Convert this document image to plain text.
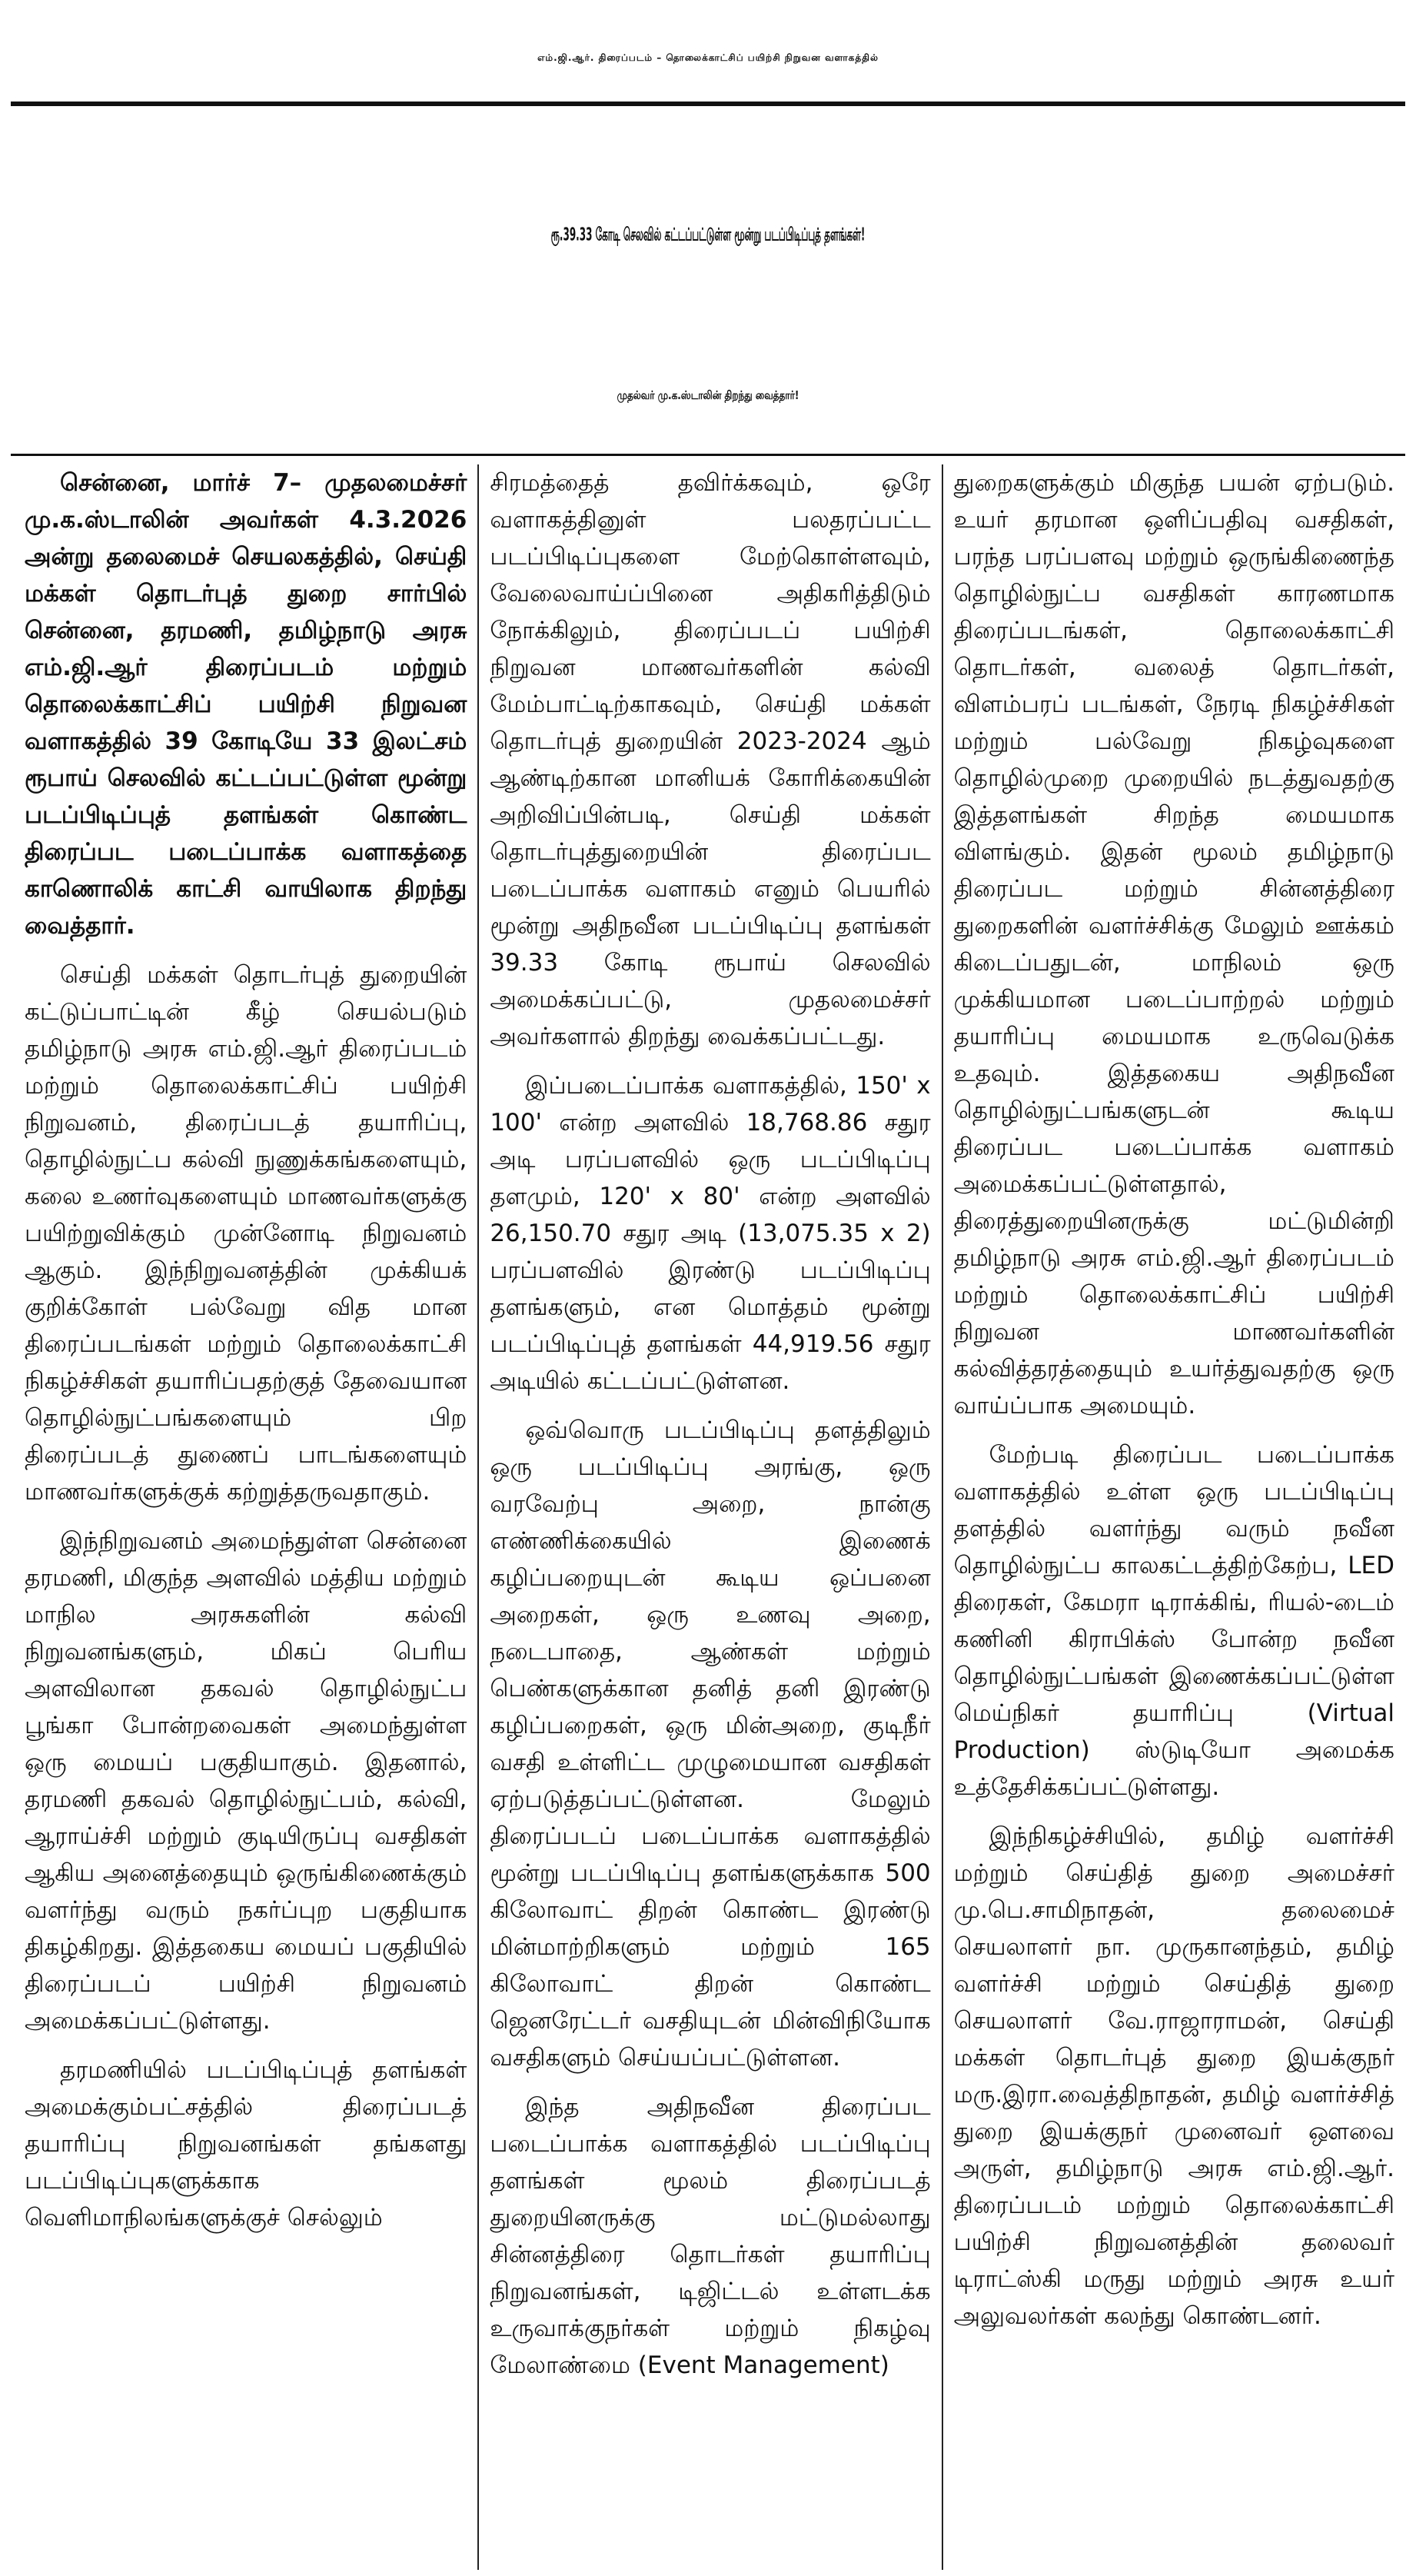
எம்.ஜி.ஆர். திரைப்படம் – தொலைக்காட்சிப் பயிற்சி நிறுவன வளாகத்தில்
ரூ.39.33 கோடி செலவில் கட்டப்பட்டுள்ள மூன்று படப்பிடிப்புத் தளங்கள்!
முதல்வர் மு.க.ஸ்டாலின் திறந்து வைத்தார்!

சென்னை, மார்ச் 7– முதலமைச்சர் மு.க.ஸ்டாலின் அவர்கள் 4.3.2026 அன்று தலைமைச் செயலகத்தில், செய்தி மக்கள் தொடர்புத் துறை சார்பில் சென்னை, தரமணி, தமிழ்நாடு அரசு எம்.ஜி.ஆர் திரைப்படம் மற்றும் தொலைக்காட்சிப் பயிற்சி நிறுவன வளாகத்தில் 39 கோடியே 33 இலட்சம் ரூபாய் செலவில் கட்டப்பட்டுள்ள மூன்று படப்பிடிப்புத் தளங்கள் கொண்ட திரைப்பட படைப்பாக்க வளாகத்தை காணொலிக் காட்சி வாயிலாக திறந்து வைத்தார்.

செய்தி மக்கள் தொடர்புத் துறையின் கட்டுப்பாட்டின் கீழ் செயல்படும் தமிழ்நாடு அரசு எம்.ஜி.ஆர் திரைப்படம் மற்றும் தொலைக்காட்சிப் பயிற்சி நிறுவனம், திரைப்படத் தயாரிப்பு, தொழில்நுட்ப கல்வி நுணுக்கங்களையும், கலை உணர்வுகளையும் மாணவர்களுக்கு பயிற்றுவிக்கும் முன்னோடி நிறுவனம் ஆகும். இந்நிறுவனத்தின் முக்கியக் குறிக்கோள் பல்வேறு வித மான திரைப்படங்கள் மற்றும் தொலைக்காட்சி நிகழ்ச்சிகள் தயாரிப்பதற்குத் தேவையான தொழில்நுட்பங்களையும் பிற திரைப்படத் துணைப் பாடங்களையும் மாணவர்களுக்குக் கற்றுத்தருவதாகும்.

இந்நிறுவனம் அமைந்துள்ள சென்னை தரமணி, மிகுந்த அளவில் மத்திய மற்றும் மாநில அரசுகளின் கல்வி நிறுவனங்களும், மிகப் பெரிய அளவிலான தகவல் தொழில்நுட்ப பூங்கா போன்றவைகள் அமைந்துள்ள ஒரு மையப் பகுதியாகும். இதனால், தரமணி தகவல் தொழில்நுட்பம், கல்வி, ஆராய்ச்சி மற்றும் குடியிருப்பு வசதிகள் ஆகிய அனைத்தையும் ஒருங்கிணைக்கும் வளர்ந்து வரும் நகர்ப்புற பகுதியாக திகழ்கிறது. இத்தகைய மையப் பகுதியில் திரைப்படப் பயிற்சி நிறுவனம் அமைக்கப்பட்டுள்ளது.

தரமணியில் படப்பிடிப்புத் தளங்கள் அமைக்கும்பட்சத்தில் திரைப்படத் தயாரிப்பு நிறுவனங்கள் தங்களது படப்பிடிப்புகளுக்காக வெளிமாநிலங்களுக்குச் செல்லும்

சிரமத்தைத் தவிர்க்கவும், ஒரே வளாகத்தினுள் பலதரப்பட்ட படப்பிடிப்புகளை மேற்கொள்ளவும், வேலைவாய்ப்பினை அதிகரித்திடும் நோக்கிலும், திரைப்படப் பயிற்சி நிறுவன மாணவர்களின் கல்வி மேம்பாட்டிற்காகவும், செய்தி மக்கள் தொடர்புத் துறையின் 2023-2024 ஆம் ஆண்டிற்கான மானியக் கோரிக்கையின் அறிவிப்பின்படி, செய்தி மக்கள் தொடர்புத்துறையின் திரைப்பட படைப்பாக்க வளாகம் எனும் பெயரில் மூன்று அதிநவீன படப்பிடிப்பு தளங்கள் 39.33 கோடி ரூபாய் செலவில் அமைக்கப்பட்டு, முதலமைச்சர் அவர்களால் திறந்து வைக்கப்பட்டது.

இப்படைப்பாக்க வளாகத்தில், 150' x 100' என்ற அளவில் 18,768.86 சதுர அடி பரப்பளவில் ஒரு படப்பிடிப்பு தளமும், 120' x 80' என்ற அளவில் 26,150.70 சதுர அடி (13,075.35 x 2) பரப்பளவில் இரண்டு படப்பிடிப்பு தளங்களும், என மொத்தம் மூன்று படப்பிடிப்புத் தளங்கள் 44,919.56 சதுர அடியில் கட்டப்பட்டுள்ளன.

ஒவ்வொரு படப்பிடிப்பு தளத்திலும் ஒரு படப்பிடிப்பு அரங்கு, ஒரு வரவேற்பு அறை, நான்கு எண்ணிக்கையில் இணைக் கழிப்பறையுடன் கூடிய ஒப்பனை அறைகள், ஒரு உணவு அறை, நடைபாதை, ஆண்கள் மற்றும் பெண்களுக்கான தனித் தனி இரண்டு கழிப்பறைகள், ஒரு மின்அறை, குடிநீர் வசதி உள்ளிட்ட முழுமையான வசதிகள் ஏற்படுத்தப்பட்டுள்ளன. மேலும் திரைப்படப் படைப்பாக்க வளாகத்தில் மூன்று படப்பிடிப்பு தளங்களுக்காக 500 கிலோவாட் திறன் கொண்ட இரண்டு மின்மாற்றிகளும் மற்றும் 165 கிலோவாட் திறன் கொண்ட ஜெனரேட்டர் வசதியுடன் மின்விநியோக வசதிகளும் செய்யப்பட்டுள்ளன.

இந்த அதிநவீன திரைப்பட படைப்பாக்க வளாகத்தில் படப்பிடிப்பு தளங்கள் மூலம் திரைப்படத் துறையினருக்கு மட்டுமல்லாது சின்னத்திரை தொடர்கள் தயாரிப்பு நிறுவனங்கள், டிஜிட்டல் உள்ளடக்க உருவாக்குநர்கள் மற்றும் நிகழ்வு மேலாண்மை (Event Management)

துறைகளுக்கும் மிகுந்த பயன் ஏற்படும். உயர் தரமான ஒளிப்பதிவு வசதிகள், பரந்த பரப்பளவு மற்றும் ஒருங்கிணைந்த தொழில்நுட்ப வசதிகள் காரணமாக திரைப்படங்கள், தொலைக்காட்சி தொடர்கள், வலைத் தொடர்கள், விளம்பரப் படங்கள், நேரடி நிகழ்ச்சிகள் மற்றும் பல்வேறு நிகழ்வுகளை தொழில்முறை முறையில் நடத்துவதற்கு இத்தளங்கள் சிறந்த மையமாக விளங்கும். இதன் மூலம் தமிழ்நாடு திரைப்பட மற்றும் சின்னத்திரை துறைகளின் வளர்ச்சிக்கு மேலும் ஊக்கம் கிடைப்பதுடன், மாநிலம் ஒரு முக்கியமான படைப்பாற்றல் மற்றும் தயாரிப்பு மையமாக உருவெடுக்க உதவும். இத்தகைய அதிநவீன தொழில்நுட்பங்களுடன் கூடிய திரைப்பட படைப்பாக்க வளாகம் அமைக்கப்பட்டுள்ளதால், திரைத்துறையினருக்கு மட்டுமின்றி தமிழ்நாடு அரசு எம்.ஜி.ஆர் திரைப்படம் மற்றும் தொலைக்காட்சிப் பயிற்சி நிறுவன மாணவர்களின் கல்வித்தரத்தையும் உயர்த்துவதற்கு ஒரு வாய்ப்பாக அமையும்.

மேற்படி திரைப்பட படைப்பாக்க வளாகத்தில் உள்ள ஒரு படப்பிடிப்பு தளத்தில் வளர்ந்து வரும் நவீன தொழில்நுட்ப காலகட்டத்திற்கேற்ப, LED திரைகள், கேமரா டிராக்கிங், ரியல்-டைம் கணினி கிராபிக்ஸ் போன்ற நவீன தொழில்நுட்பங்கள் இணைக்கப்பட்டுள்ள மெய்நிகர் தயாரிப்பு (Virtual Production) ஸ்டுடியோ அமைக்க உத்தேசிக்கப்பட்டுள்ளது.

இந்நிகழ்ச்சியில், தமிழ் வளர்ச்சி மற்றும் செய்தித் துறை அமைச்சர் மு.பெ.சாமிநாதன், தலைமைச் செயலாளர் நா. முருகானந்தம், தமிழ் வளர்ச்சி மற்றும் செய்தித் துறை செயலாளர் வே.ராஜாராமன், செய்தி மக்கள் தொடர்புத் துறை இயக்குநர் மரு.இரா.வைத்திநாதன், தமிழ் வளர்ச்சித் துறை இயக்குநர் முனைவர் ஔவை அருள், தமிழ்நாடு அரசு எம்.ஜி.ஆர். திரைப்படம் மற்றும் தொலைக்காட்சி பயிற்சி நிறுவனத்தின் தலைவர் டிராட்ஸ்கி மருது மற்றும் அரசு உயர் அலுவலர்கள் கலந்து கொண்டனர்.
